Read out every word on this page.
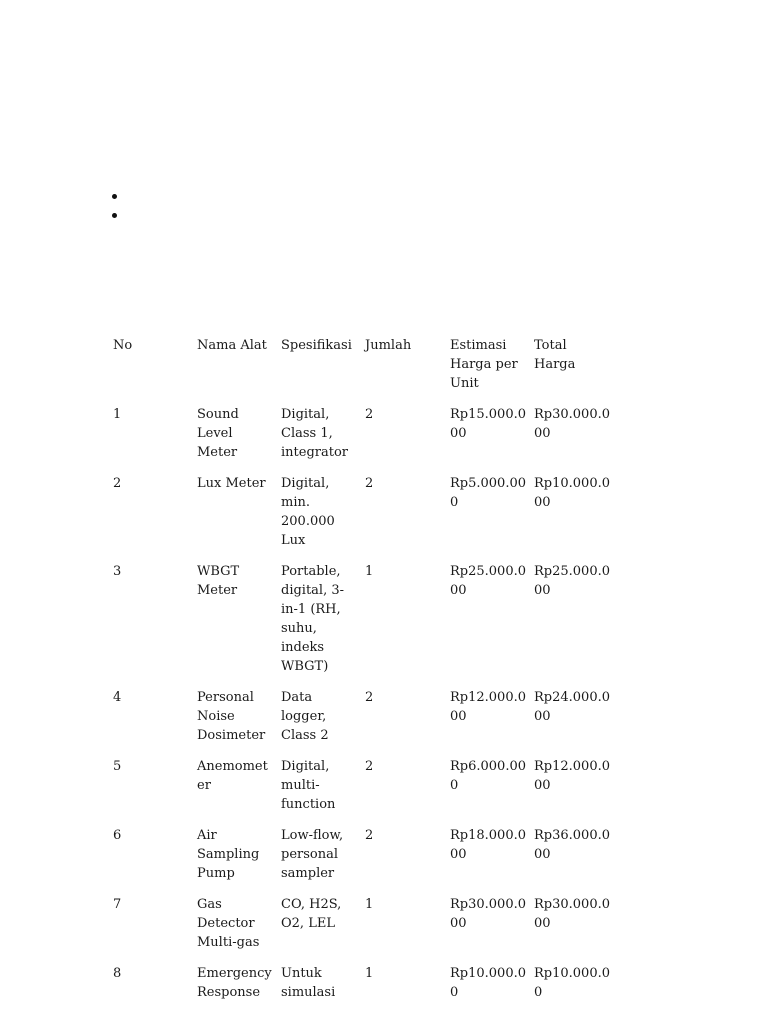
No	Nama Alat	Spesifikasi	Jumlah	Estimasi Harga per Unit	Total Harga
1	Sound Level Meter	Digital, Class 1, integrator	2	Rp15.000.000	Rp30.000.000
2	Lux Meter	Digital, min. 200.000 Lux	2	Rp5.000.000	Rp10.000.000
3	WBGT Meter	Portable, digital, 3-in-1 (RH, suhu, indeks WBGT)	1	Rp25.000.000	Rp25.000.000
4	Personal Noise Dosimeter	Data logger, Class 2	2	Rp12.000.000	Rp24.000.000
5	Anemometer	Digital, multi-function	2	Rp6.000.000	Rp12.000.000
6	Air Sampling Pump	Low-flow, personal sampler	2	Rp18.000.000	Rp36.000.000
7	Gas Detector Multi-gas	CO, H2S, O2, LEL	1	Rp30.000.000	Rp30.000.000
8	Emergency Response	Untuk simulasi	1	Rp10.000.00	Rp10.000.00
